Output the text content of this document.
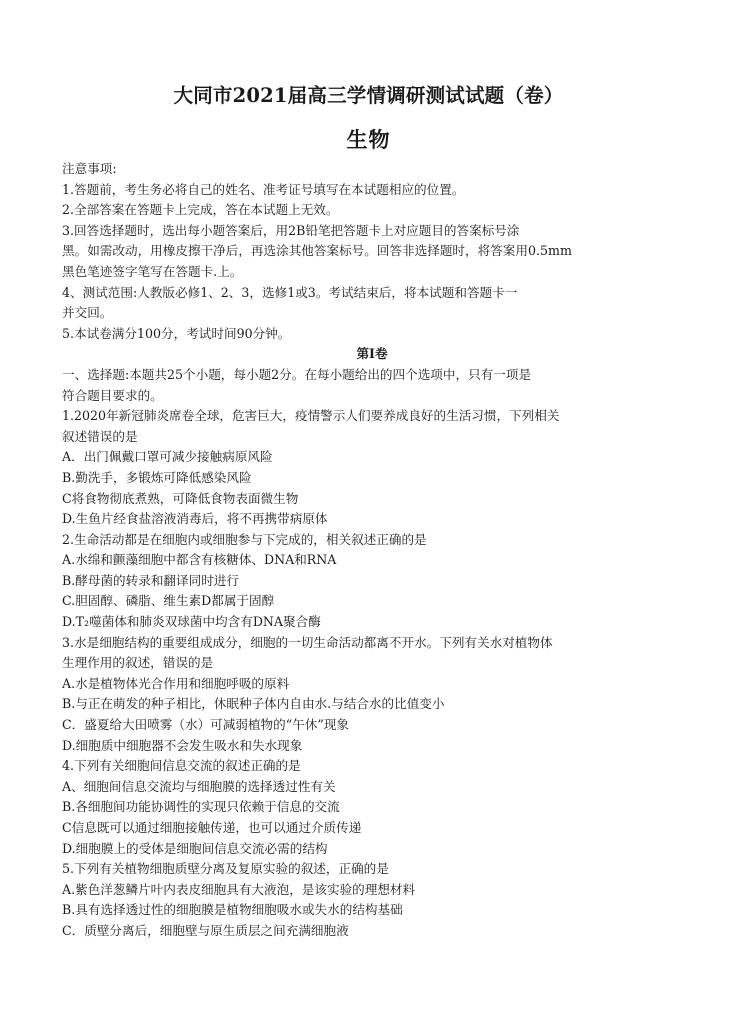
大同市2021届高三学情调研测试试题（卷）
生物
注意事项:
1.答题前，考生务必将自己的姓名、准考证号填写在本试题相应的位置。
2.全部答案在答题卡上完成，答在本试题上无效。
3.回答选择题时，选出每小题答案后，用2B铅笔把答题卡上对应题目的答案标号涂
黑。如需改动，用橡皮擦干净后，再选涂其他答案标号。回答非选择题时，将答案用0.5mm
黑色笔迹签字笔写在答题卡.上。
4、测试范围:人教版必修1、2、3，选修1或3。考试结束后，将本试题和答题卡一
并交回。
5.本试卷满分100分，考试时间90分钟。
第Ⅰ卷
一、选择题:本题共25个小题，每小题2分。在每小题给出的四个选项中，只有一项是
符合题目要求的。
1.2020年新冠肺炎席卷全球，危害巨大，疫情警示人们要养成良好的生活习惯，下列相关
叙述错误的是
A．出门佩戴口罩可减少接触病原风险
B.勤洗手，多锻炼可降低感染风险
C将食物彻底煮熟，可降低食物表面微生物
D.生鱼片经食盐溶液消毒后，将不再携带病原体
2.生命活动都是在细胞内或细胞参与下完成的，相关叙述正确的是
A.水绵和颤藻细胞中都含有核糖体、DNA和RNA
B.酵母菌的转录和翻译同时进行
C.胆固醇、磷脂、维生素D都属于固醇
D.T₂噬菌体和肺炎双球菌中均含有DNA聚合酶
3.水是细胞结构的重要组成成分，细胞的一切生命活动都离不开水。下列有关水对植物体
生理作用的叙述，错误的是
A.水是植物体光合作用和细胞呼吸的原料
B.与正在萌发的种子相比，休眠种子体内自由水.与结合水的比值变小
C．盛夏给大田喷雾（水）可减弱植物的“午休”现象
D.细胞质中细胞器不会发生吸水和失水现象
4.下列有关细胞间信息交流的叙述正确的是
A、细胞间信息交流均与细胞膜的选择透过性有关
B.各细胞间功能协调性的实现只依赖于信息的交流
C信息既可以通过细胞接触传递，也可以通过介质传递
D.细胞膜上的受体是细胞间信息交流必需的结构
5.下列有关植物细胞质壁分离及复原实验的叙述，正确的是
A.紫色洋葱鳞片叶内表皮细胞具有大液泡，是该实验的理想材料
B.具有选择透过性的细胞膜是植物细胞吸水或失水的结构基础
C．质壁分离后，细胞壁与原生质层之间充满细胞液
